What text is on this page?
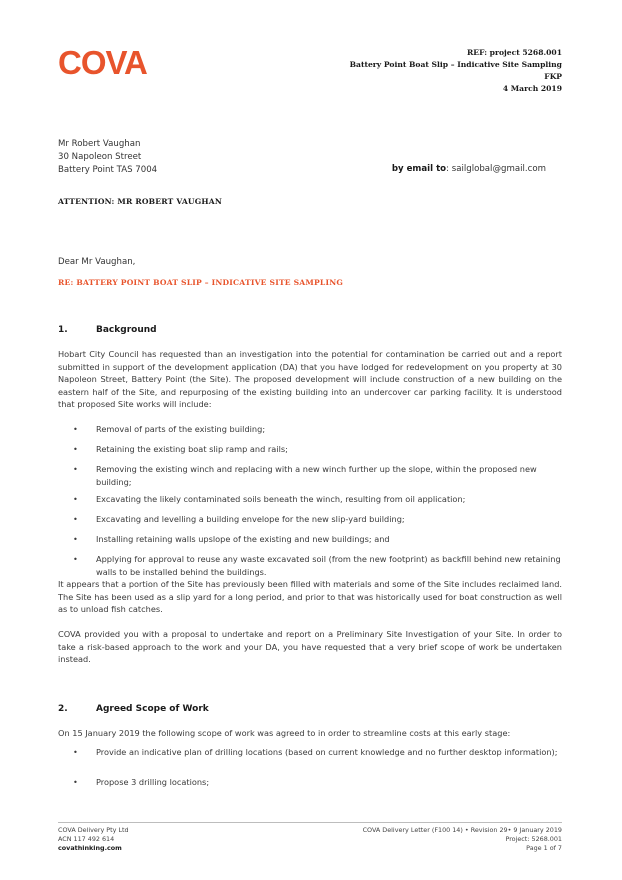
COVA	REF: project 5268.001
Battery Point Boat Slip – Indicative Site Sampling
FKP
4 March 2019
Mr Robert Vaughan
30 Napoleon Street
Battery Point TAS 7004	by email to: sailglobal@gmail.com
ATTENTION: MR ROBERT VAUGHAN
Dear Mr Vaughan,
RE: BATTERY POINT BOAT SLIP – INDICATIVE SITE SAMPLING
1.	Background
Hobart City Council has requested than an investigation into the potential for contamination be carried out and a report submitted in support of the development application (DA) that you have lodged for redevelopment on you property at 30 Napoleon Street, Battery Point (the Site). The proposed development will include construction of a new building on the eastern half of the Site, and repurposing of the existing building into an undercover car parking facility. It is understood that proposed Site works will include:
• Removal of parts of the existing building;
• Retaining the existing boat slip ramp and rails;
• Removing the existing winch and replacing with a new winch further up the slope, within the proposed new building;
• Excavating the likely contaminated soils beneath the winch, resulting from oil application;
• Excavating and levelling a building envelope for the new slip-yard building;
• Installing retaining walls upslope of the existing and new buildings; and
• Applying for approval to reuse any waste excavated soil (from the new footprint) as backfill behind new retaining walls to be installed behind the buildings.
It appears that a portion of the Site has previously been filled with materials and some of the Site includes reclaimed land. The Site has been used as a slip yard for a long period, and prior to that was historically used for boat construction as well as to unload fish catches.
COVA provided you with a proposal to undertake and report on a Preliminary Site Investigation of your Site. In order to take a risk-based approach to the work and your DA, you have requested that a very brief scope of work be undertaken instead.
2.	Agreed Scope of Work
On 15 January 2019 the following scope of work was agreed to in order to streamline costs at this early stage:
• Provide an indicative plan of drilling locations (based on current knowledge and no further desktop information);
• Propose 3 drilling locations;
COVA Delivery Pty Ltd
ACN 117 492 614
covathinking.com
COVA Delivery Letter (F100 14) • Revision 29• 9 January 2019
Project: 5268.001
Page 1 of 7
